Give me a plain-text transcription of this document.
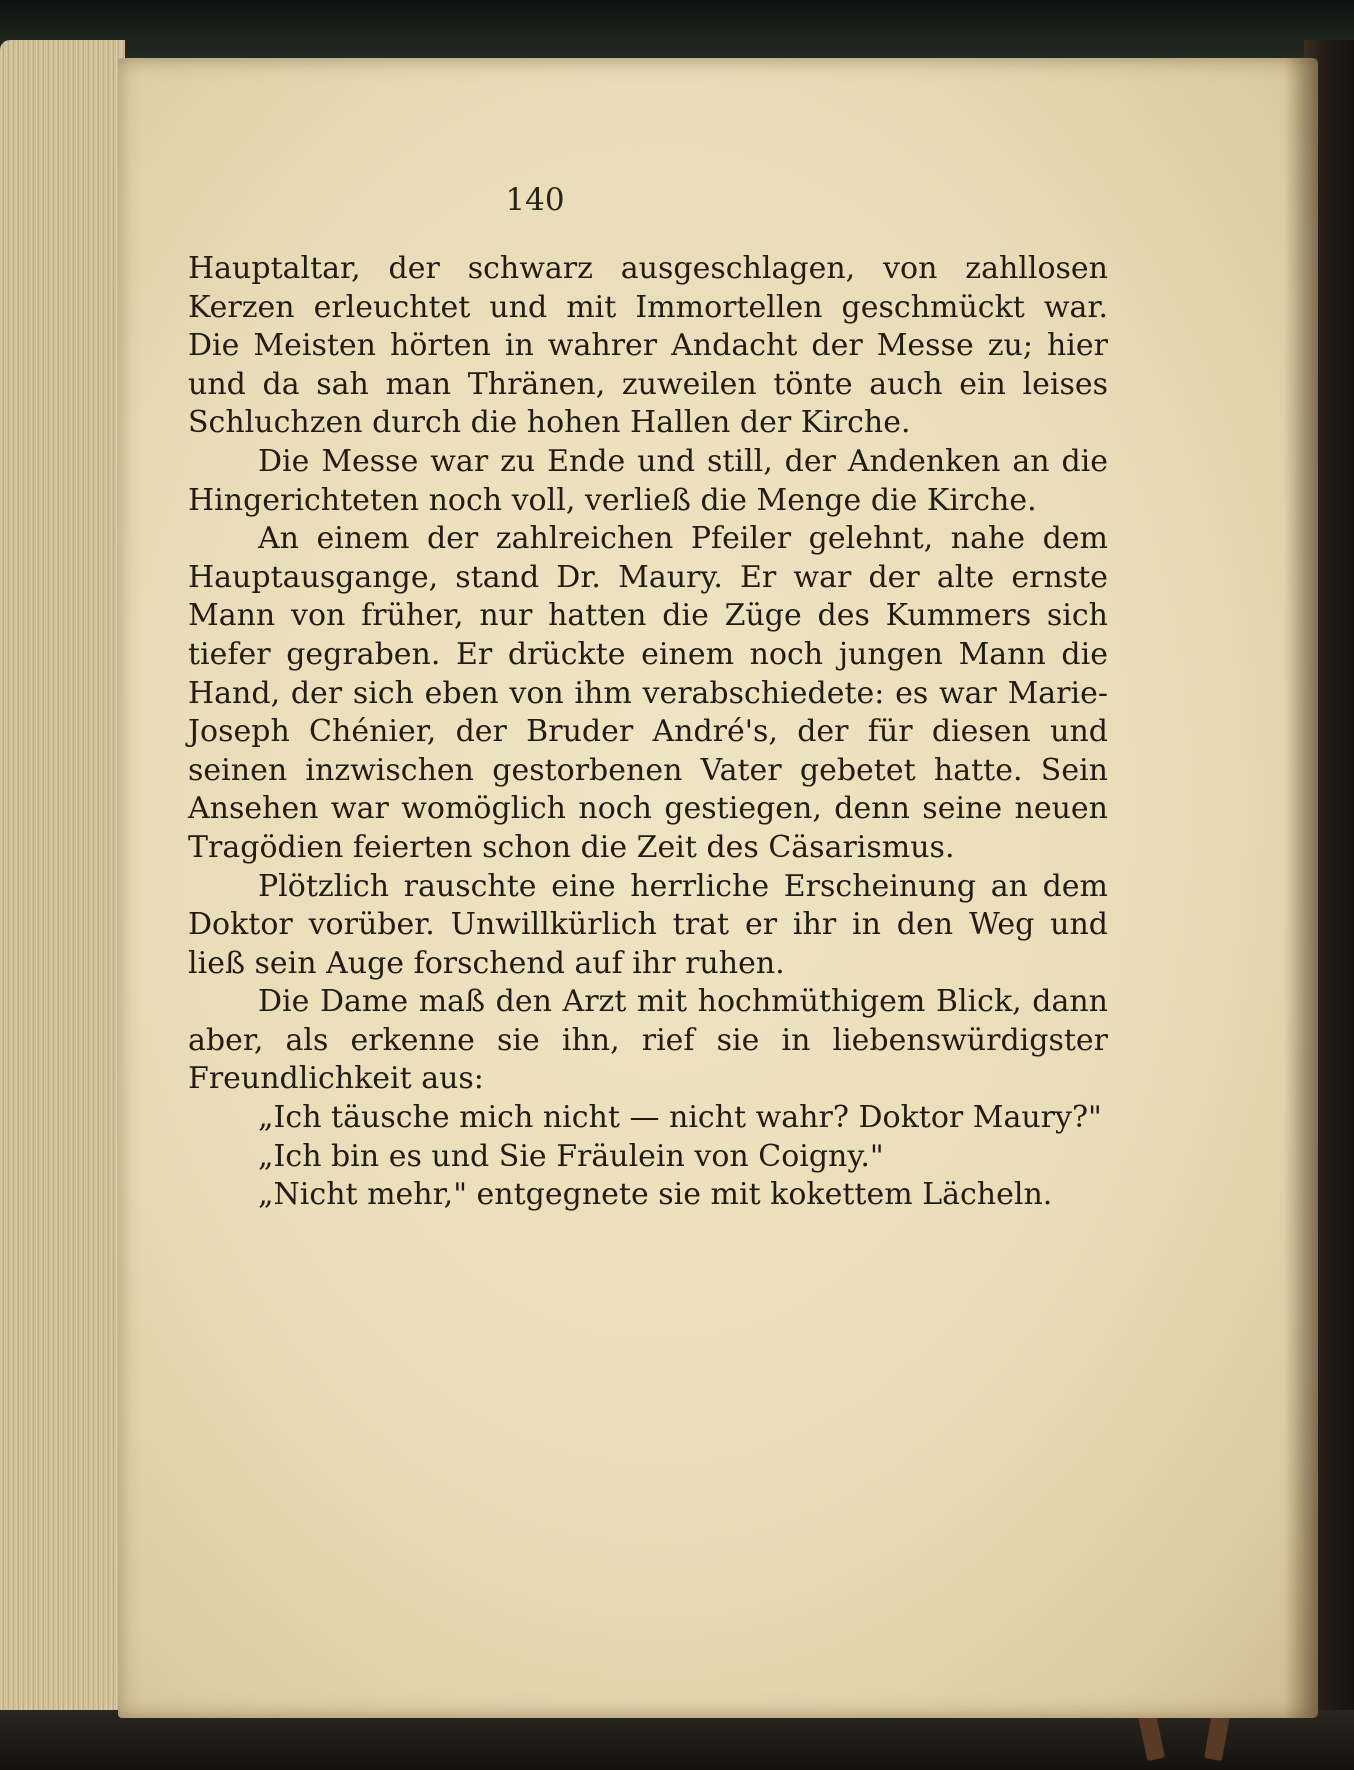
140

Hauptaltar, der schwarz ausgeschlagen, von zahllosen Kerzen erleuchtet und mit Immortellen geschmückt war. Die Meisten hörten in wahrer Andacht der Messe zu; hier und da sah man Thränen, zuweilen tönte auch ein leises Schluchzen durch die hohen Hallen der Kirche.

Die Messe war zu Ende und still, der Andenken an die Hingerichteten noch voll, verließ die Menge die Kirche.

An einem der zahlreichen Pfeiler gelehnt, nahe dem Hauptausgange, stand Dr. Maury. Er war der alte ernste Mann von früher, nur hatten die Züge des Kummers sich tiefer gegraben. Er drückte einem noch jungen Mann die Hand, der sich eben von ihm verabschiedete: es war Marie-Joseph Chénier, der Bruder André's, der für diesen und seinen inzwischen gestorbenen Vater gebetet hatte. Sein Ansehen war womöglich noch gestiegen, denn seine neuen Tragödien feierten schon die Zeit des Cäsarismus.

Plötzlich rauschte eine herrliche Erscheinung an dem Doktor vorüber. Unwillkürlich trat er ihr in den Weg und ließ sein Auge forschend auf ihr ruhen.

Die Dame maß den Arzt mit hochmüthigem Blick, dann aber, als erkenne sie ihn, rief sie in liebenswürdigster Freundlichkeit aus:

„Ich täusche mich nicht — nicht wahr? Doktor Maury?"

„Ich bin es und Sie Fräulein von Coigny."

„Nicht mehr," entgegnete sie mit kokettem Lächeln.
